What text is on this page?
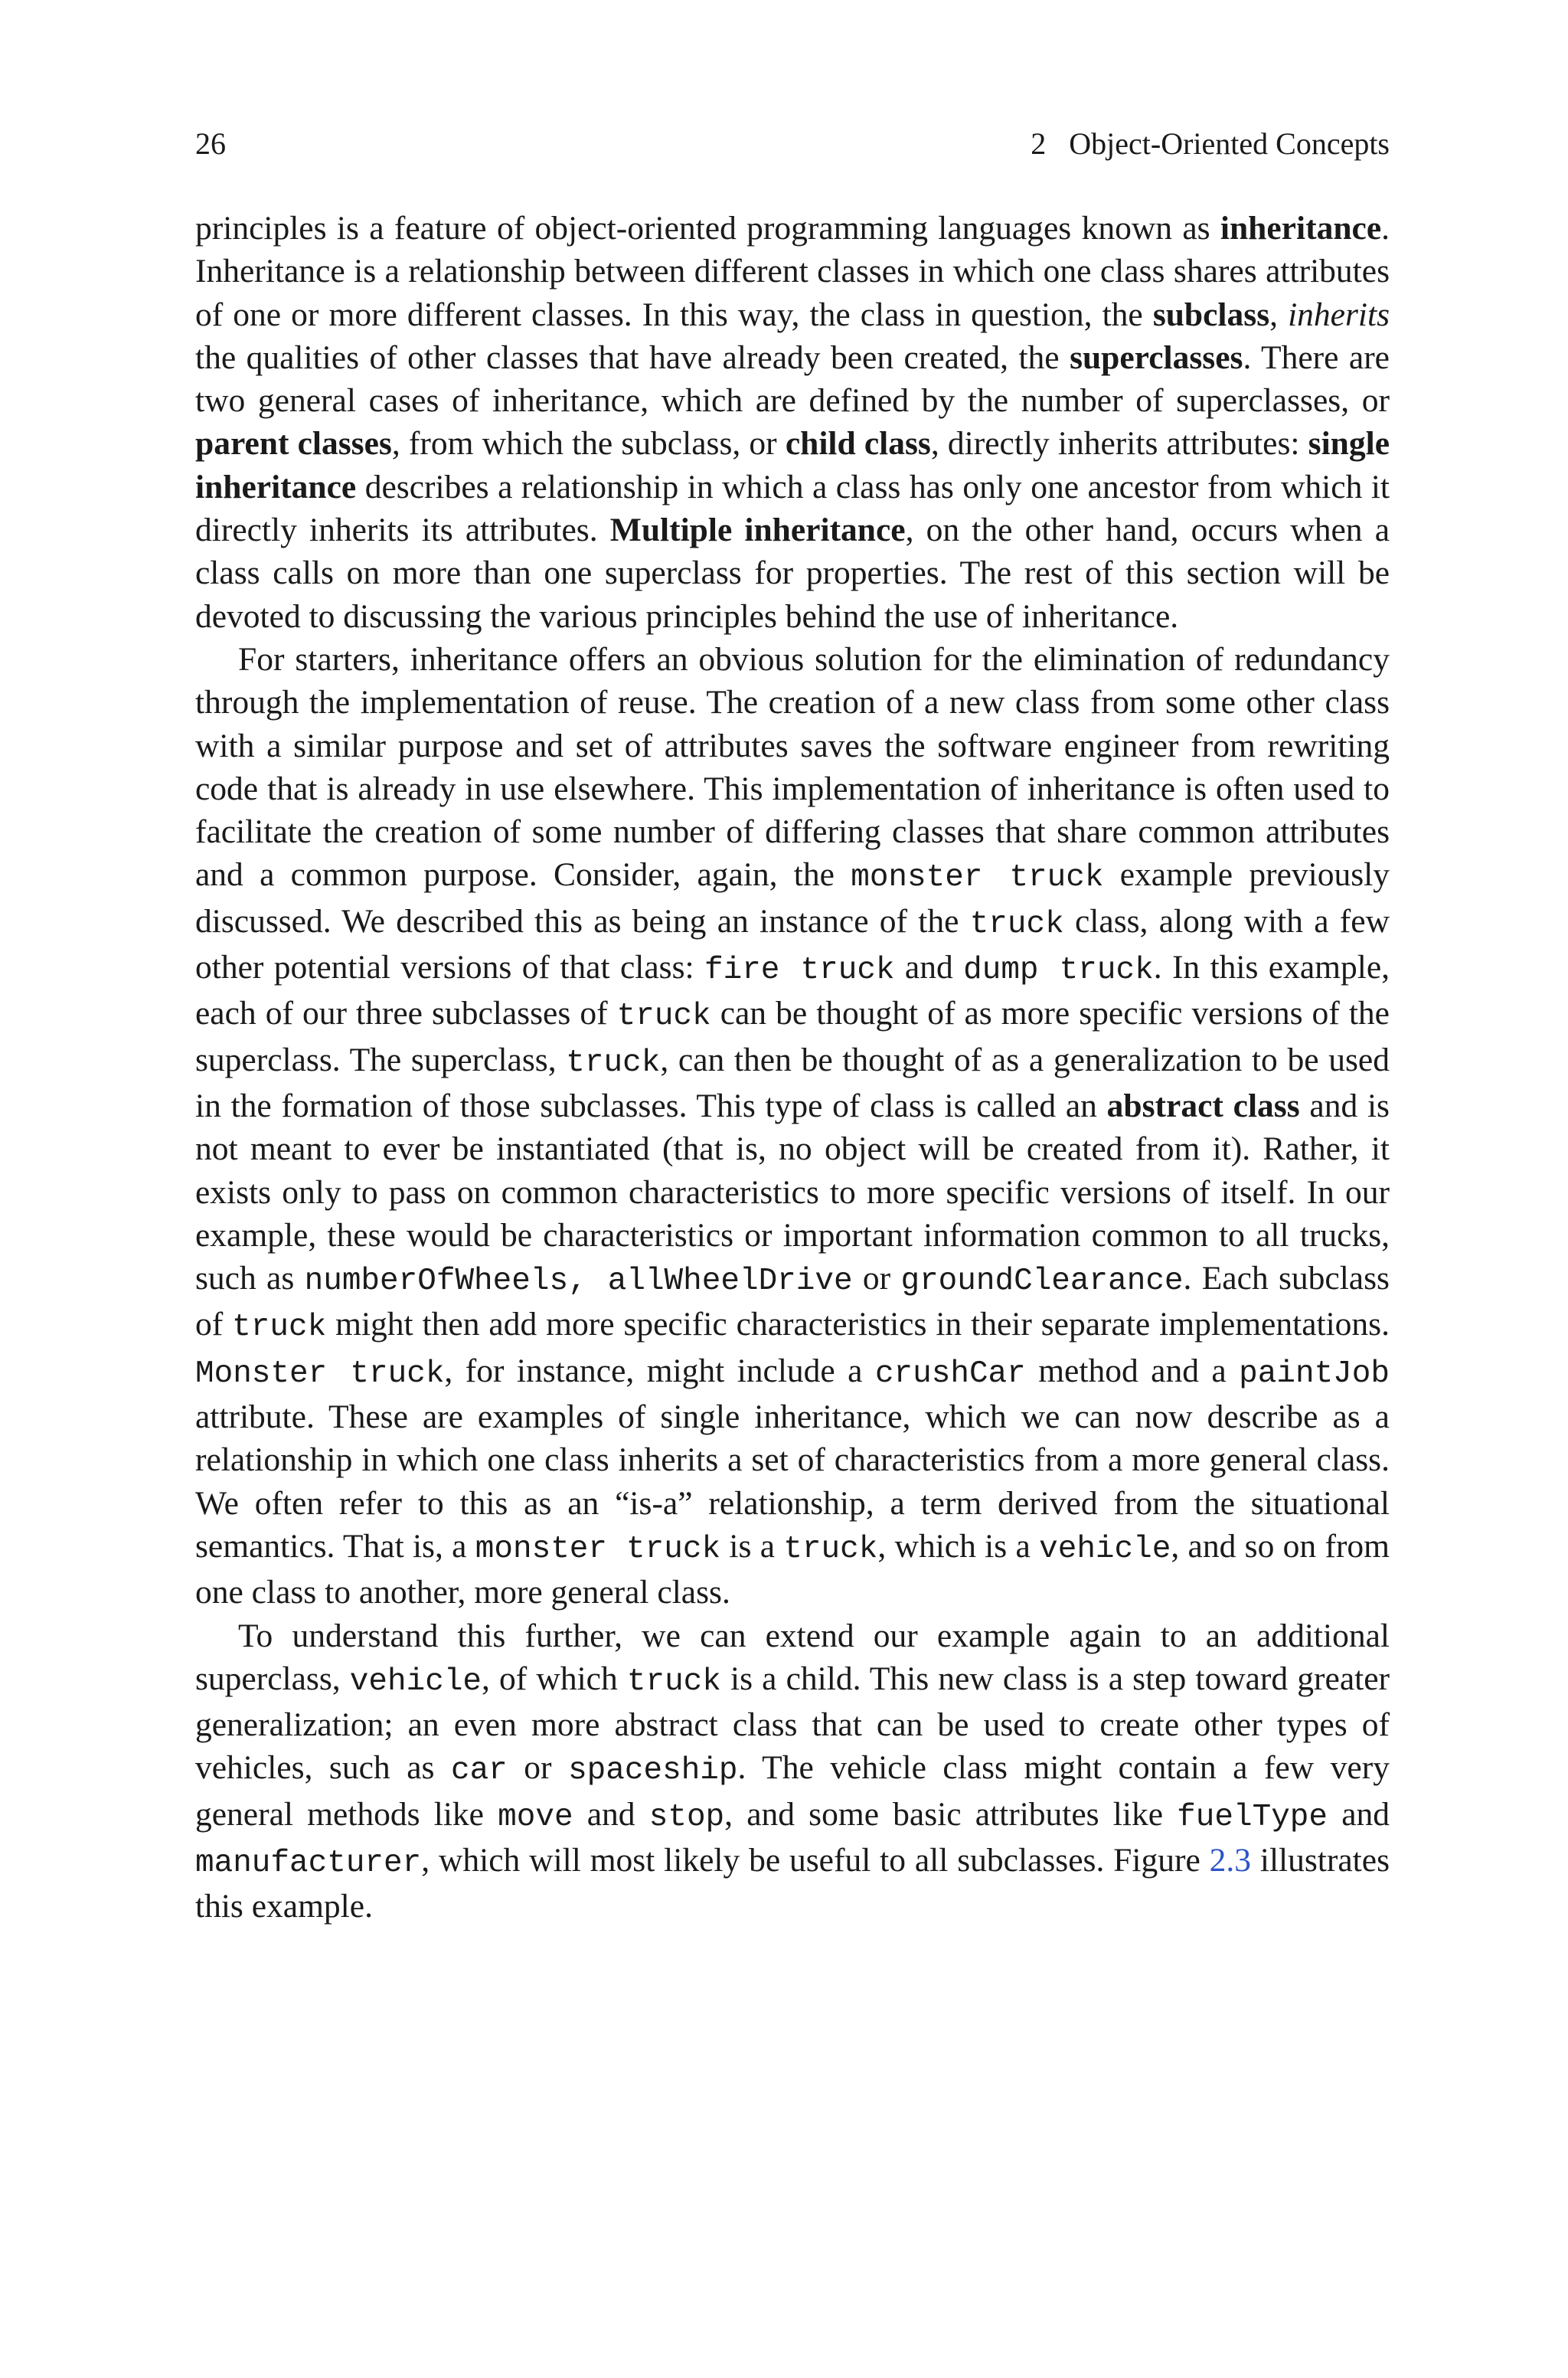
26	2   Object-Oriented Concepts

principles is a feature of object-oriented programming languages known as inheritance. Inheritance is a relationship between different classes in which one class shares attributes of one or more different classes. In this way, the class in question, the subclass, inherits the qualities of other classes that have already been created, the superclasses. There are two general cases of inheritance, which are defined by the number of superclasses, or parent classes, from which the subclass, or child class, directly inherits attributes: single inheritance describes a relationship in which a class has only one ancestor from which it directly inherits its attributes. Multiple inheritance, on the other hand, occurs when a class calls on more than one superclass for properties. The rest of this section will be devoted to discussing the various principles behind the use of inheritance.

For starters, inheritance offers an obvious solution for the elimination of redundancy through the implementation of reuse. The creation of a new class from some other class with a similar purpose and set of attributes saves the software engineer from rewriting code that is already in use elsewhere. This implementation of inheritance is often used to facilitate the creation of some number of differing classes that share common attributes and a common purpose. Consider, again, the monster truck example previously discussed. We described this as being an instance of the truck class, along with a few other potential versions of that class: fire truck and dump truck. In this example, each of our three subclasses of truck can be thought of as more specific versions of the superclass. The superclass, truck, can then be thought of as a generalization to be used in the formation of those subclasses. This type of class is called an abstract class and is not meant to ever be instantiated (that is, no object will be created from it). Rather, it exists only to pass on common characteristics to more specific versions of itself. In our example, these would be characteristics or important information common to all trucks, such as numberOfWheels, allWheelDrive or groundClearance. Each subclass of truck might then add more specific characteristics in their separate implementations. Monster truck, for instance, might include a crushCar method and a paintJob attribute. These are examples of single inheritance, which we can now describe as a relationship in which one class inherits a set of characteristics from a more general class. We often refer to this as an “is-a” relationship, a term derived from the situational semantics. That is, a monster truck is a truck, which is a vehicle, and so on from one class to another, more general class.

To understand this further, we can extend our example again to an additional superclass, vehicle, of which truck is a child. This new class is a step toward greater generalization; an even more abstract class that can be used to create other types of vehicles, such as car or spaceship. The vehicle class might contain a few very general methods like move and stop, and some basic attributes like fuelType and manufacturer, which will most likely be useful to all subclasses. Figure 2.3 illustrates this example.
